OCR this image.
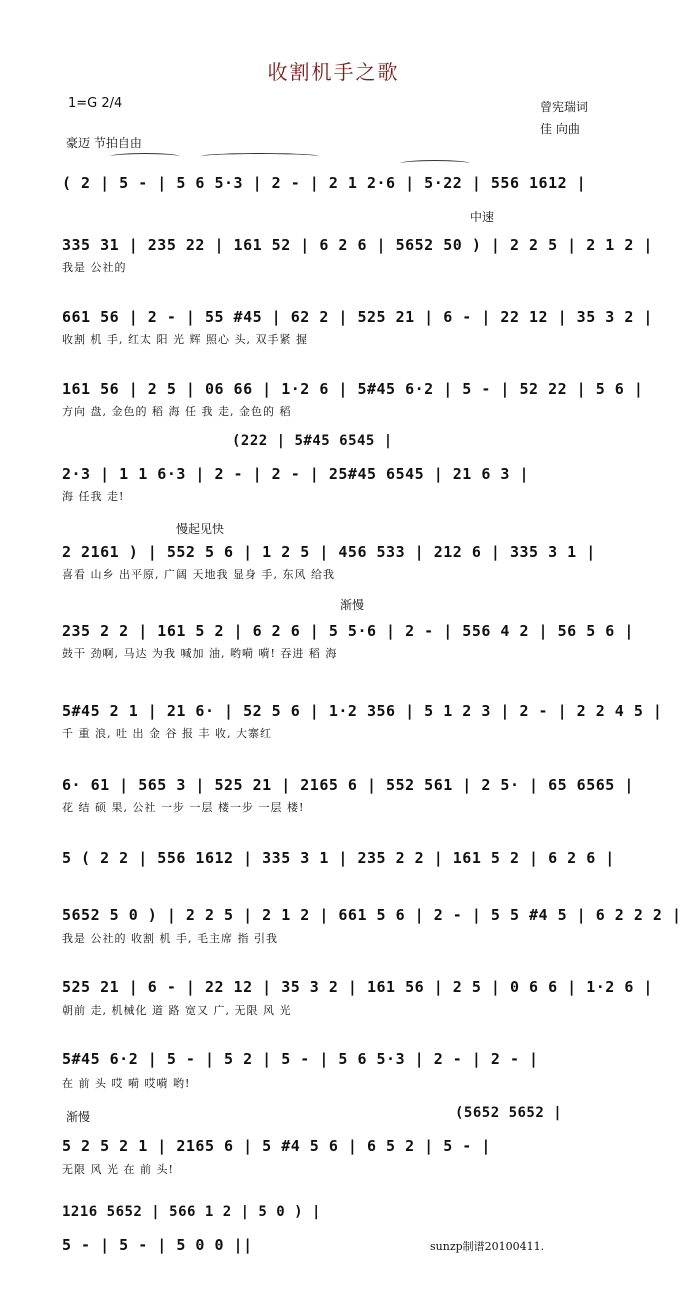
收割机手之歌
1=G 2/4	曾宪瑞词
佳 向曲
豪迈 节拍自由
中速
慢起见快
渐慢
渐慢
( 2 | 5 - | 5 6 5·3 | 2 - | 2 1 2·6 | 5·22 | 556 1612 |
335 31 | 235 22 | 161 52 | 6 2 6 | 5652 50 ) | 2 2 5 | 2 1 2 |
我是 公社的
661 56 | 2 - | 55 #45 | 62 2 | 525 21 | 6 - | 22 12 | 35 3 2 |
收割 机 手, 红太 阳 光 辉 照心 头, 双手紧 握
161 56 | 2 5 | 06 66 | 1·2 6 | 5#45 6·2 | 5 - | 52 22 | 5 6 |
方向 盘, 金色的 稻 海 任 我 走, 金色的 稻
(222 | 5#45 6545 |
2·3 | 1 1 6·3 | 2 - | 2 - | 25#45 6545 | 21 6 3 |
海 任我 走!
2 2161 ) | 552 5 6 | 1 2 5 | 456 533 | 212 6 | 335 3 1 |
喜看 山乡 出平原, 广阔 天地我 显身 手, 东风 给我
235 2 2 | 161 5 2 | 6 2 6 | 5 5·6 | 2 - | 556 4 2 | 56 5 6 |
鼓干 劲啊, 马达 为我 喊加 油, 哟嗬 嗬! 吞进 稻 海
5#45 2 1 | 21 6· | 52 5 6 | 1·2 356 | 5 1 2 3 | 2 - | 2 2 4 5 |
千 重 浪, 吐 出 金 谷 报 丰 收, 大寨红
6· 61 | 565 3 | 525 21 | 2165 6 | 552 561 | 2 5· | 65 6565 |
花 结 硕 果, 公社 一步 一层 楼一步 一层 楼!
5 ( 2 2 | 556 1612 | 335 3 1 | 235 2 2 | 161 5 2 | 6 2 6 |
5652 5 0 ) | 2 2 5 | 2 1 2 | 661 5 6 | 2 - | 5 5 #4 5 | 6 2 2 2 |
我是 公社的 收割 机 手, 毛主席 指 引我
525 21 | 6 - | 22 12 | 35 3 2 | 161 56 | 2 5 | 0 6 6 | 1·2 6 |
朝前 走, 机械化 道 路 宽又 广, 无限 风 光
5#45 6·2 | 5 - | 5 2 | 5 - | 5 6 5·3 | 2 - | 2 - |
在 前 头 哎 嗬 哎嗬 哟!
(5652 5652 |
5 2 5 2 1 | 2165 6 | 5 #4 5 6 | 6 5 2 | 5 - |
无限 风 光 在 前 头!
1216 5652 | 566 1 2 | 5 0 ) |
5 - | 5 - | 5 0 0 ||	sunzp制谱20100411.
